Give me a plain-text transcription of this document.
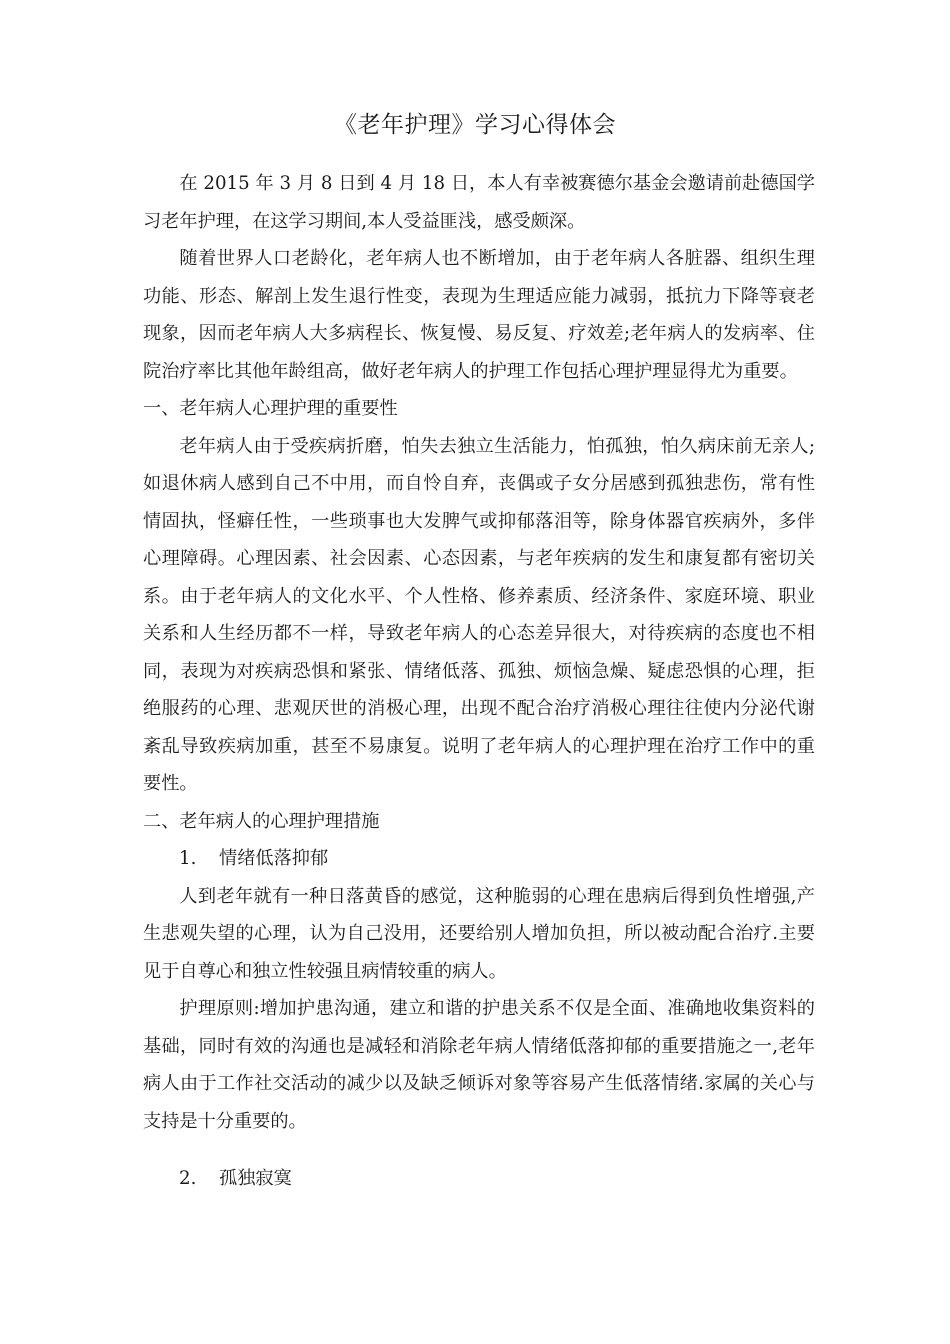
《老年护理》学习心得体会

在 2015 年 3 月 8 日到 4 月 18 日，本人有幸被赛德尔基金会邀请前赴德国学习老年护理，在这学习期间,本人受益匪浅，感受颇深。

随着世界人口老龄化，老年病人也不断增加，由于老年病人各脏器、组织生理功能、形态、解剖上发生退行性变，表现为生理适应能力减弱，抵抗力下降等衰老现象，因而老年病人大多病程长、恢复慢、易反复、疗效差;老年病人的发病率、住院治疗率比其他年龄组高，做好老年病人的护理工作包括心理护理显得尤为重要。

一、老年病人心理护理的重要性

老年病人由于受疾病折磨，怕失去独立生活能力，怕孤独，怕久病床前无亲人;如退休病人感到自己不中用，而自怜自弃，丧偶或子女分居感到孤独悲伤，常有性情固执，怪癖任性，一些琐事也大发脾气或抑郁落泪等，除身体器官疾病外，多伴心理障碍。心理因素、社会因素、心态因素，与老年疾病的发生和康复都有密切关系。由于老年病人的文化水平、个人性格、修养素质、经济条件、家庭环境、职业关系和人生经历都不一样，导致老年病人的心态差异很大，对待疾病的态度也不相同，表现为对疾病恐惧和紧张、情绪低落、孤独、烦恼急燥、疑虑恐惧的心理，拒绝服药的心理、悲观厌世的消极心理，出现不配合治疗消极心理往往使内分泌代谢紊乱导致疾病加重，甚至不易康复。说明了老年病人的心理护理在治疗工作中的重要性。

二、老年病人的心理护理措施

1. 情绪低落抑郁

人到老年就有一种日落黄昏的感觉，这种脆弱的心理在患病后得到负性增强,产生悲观失望的心理，认为自己没用，还要给别人增加负担，所以被动配合治疗.主要见于自尊心和独立性较强且病情较重的病人。

护理原则:增加护患沟通，建立和谐的护患关系不仅是全面、准确地收集资料的基础，同时有效的沟通也是减轻和消除老年病人情绪低落抑郁的重要措施之一,老年病人由于工作社交活动的减少以及缺乏倾诉对象等容易产生低落情绪.家属的关心与支持是十分重要的。

2. 孤独寂寞
